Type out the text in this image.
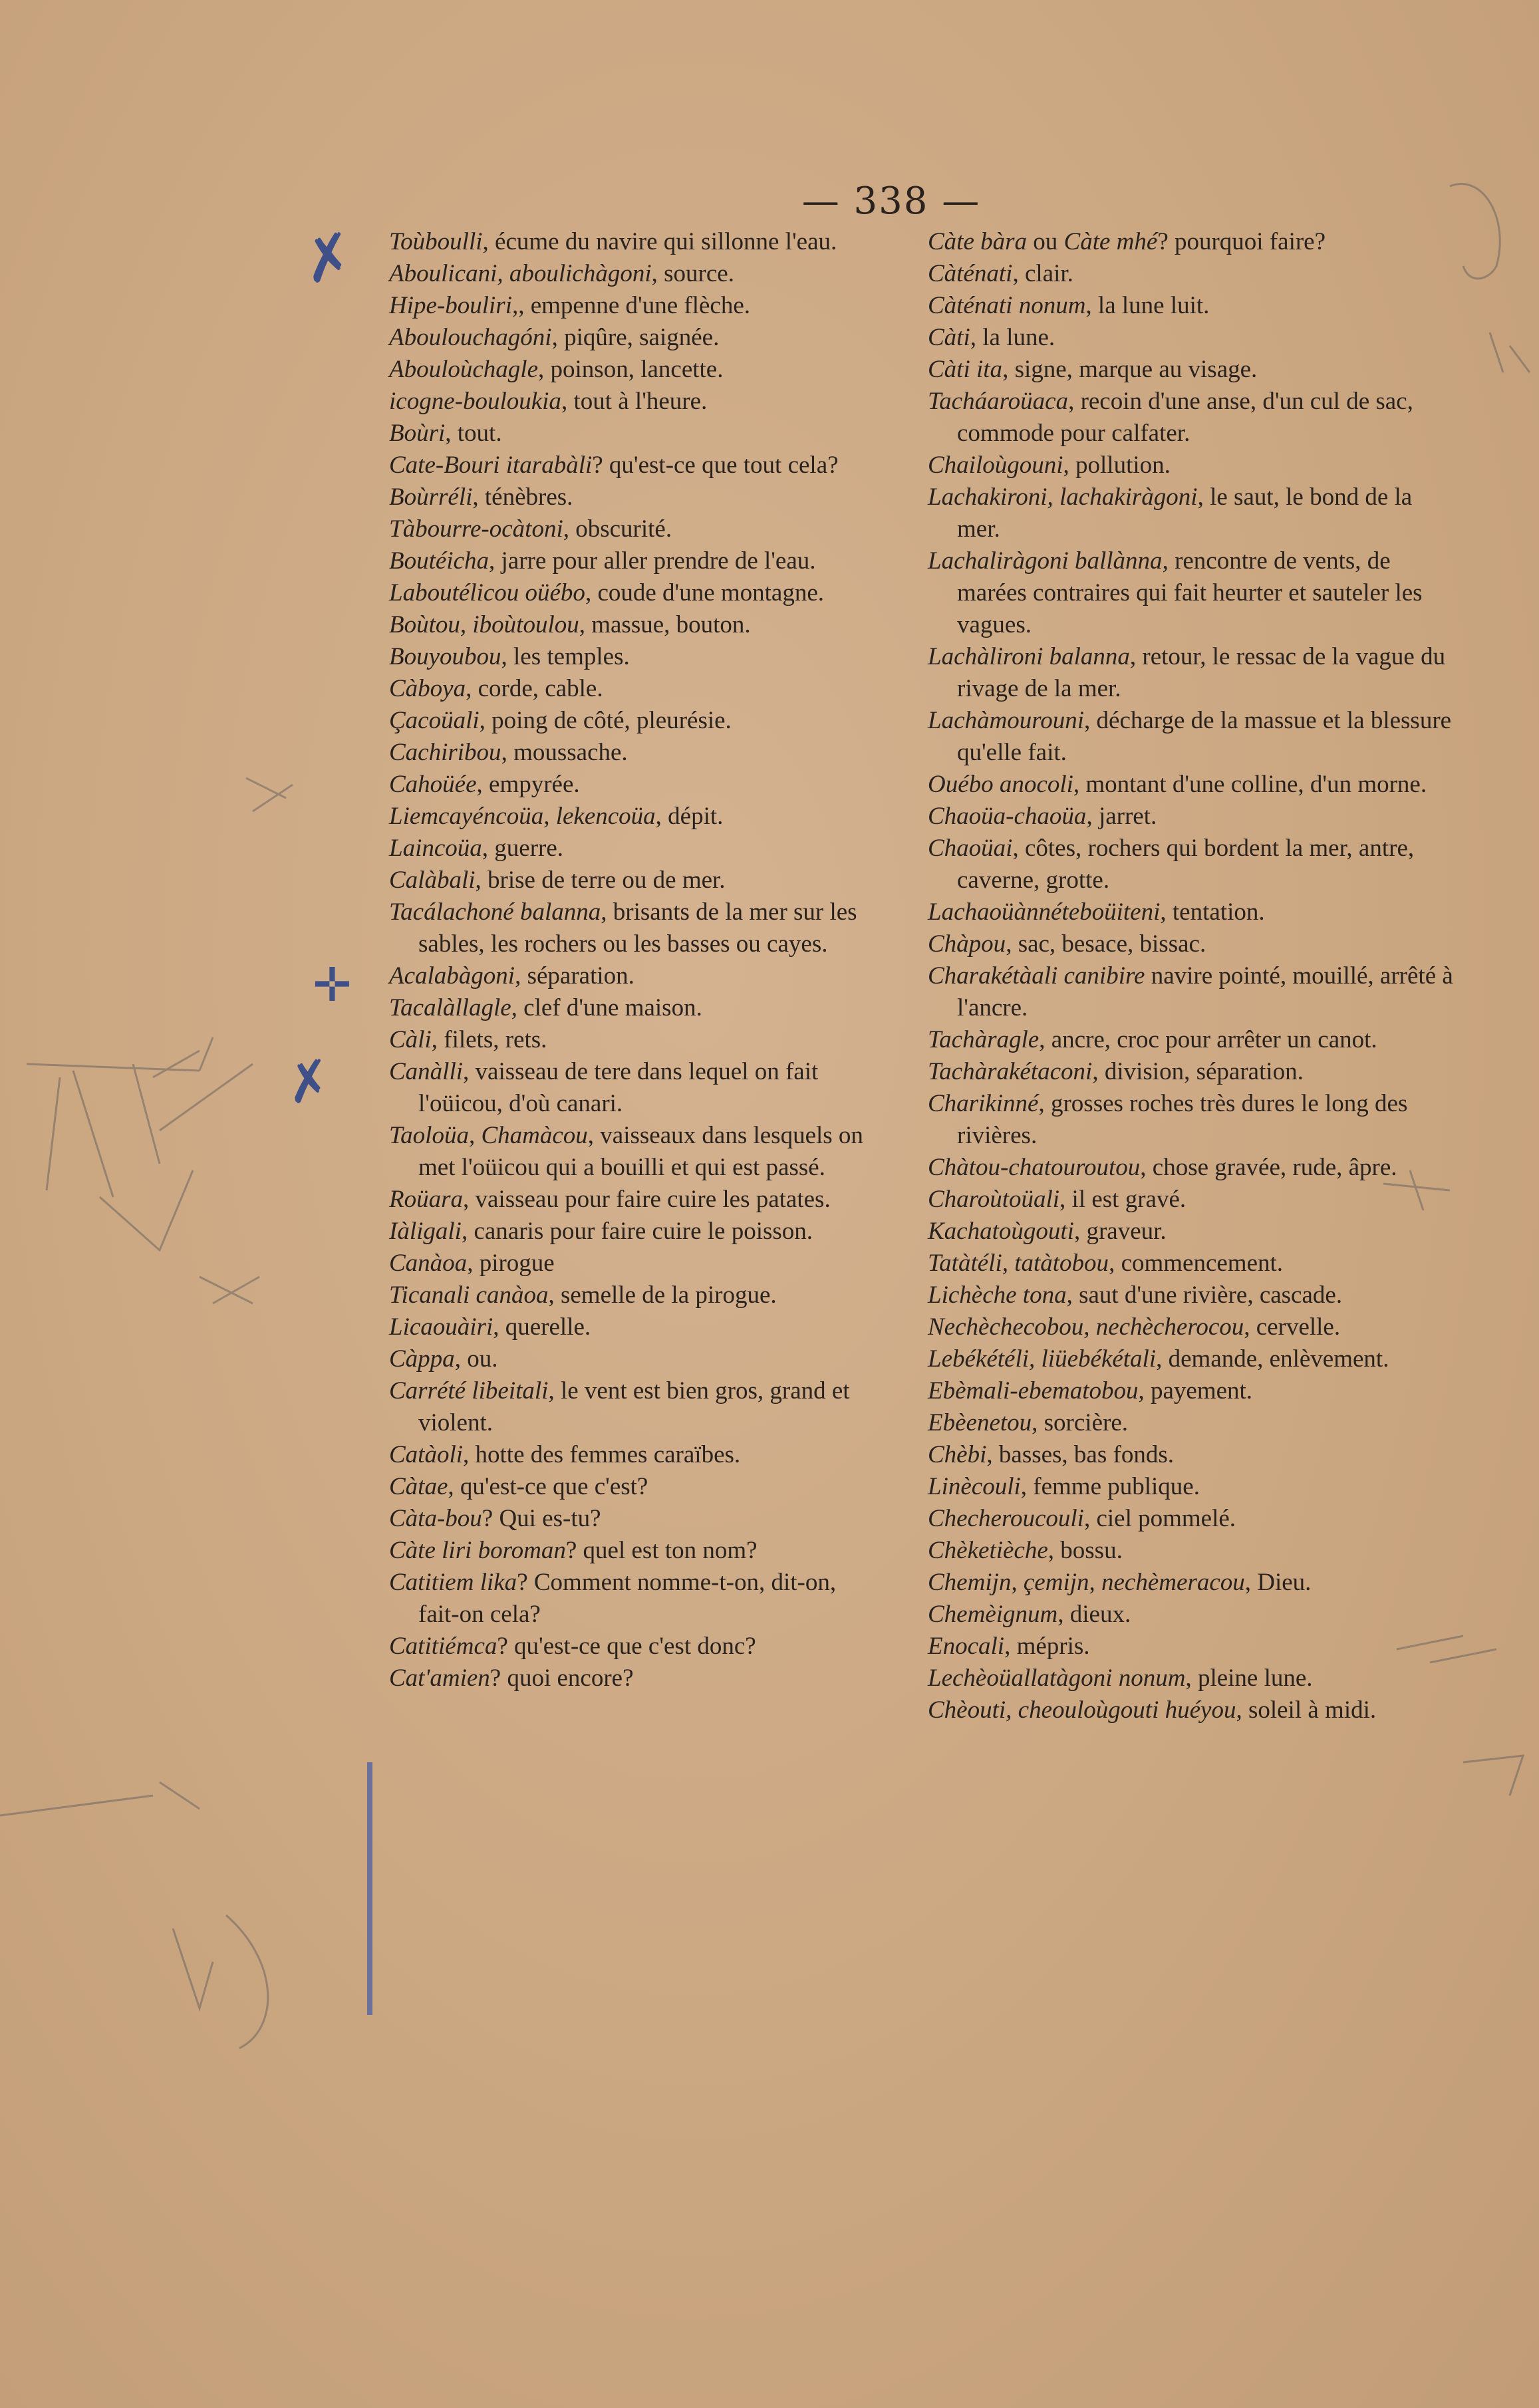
— 338 —
✗
✗
✛

Toùboulli, écume du navire qui sillonne l'eau.

Aboulicani, aboulichàgoni, source.

Hipe-bouliri,, empenne d'une flèche.

Aboulouchagóni, piqûre, saignée.

Abouloùchagle, poinson, lancette.

icogne-bouloukia, tout à l'heure.

Boùri, tout.

Cate-Bouri itarabàli? qu'est-ce que tout cela?

Boùrréli, ténèbres.

Tàbourre-ocàtoni, obscurité.

Boutéicha, jarre pour aller prendre de l'eau.

Laboutélicou oüébo, coude d'une montagne.

Boùtou, iboùtoulou, massue, bouton.

Bouyoubou, les temples.

Càboya, corde, cable.

Çacoüali, poing de côté, pleurésie.

Cachiribou, moussache.

Cahoüée, empyrée.

Liemcayéncoüa, lekencoüa, dépit.

Laincoüa, guerre.

Calàbali, brise de terre ou de mer.

Tacálachoné balanna, brisants de la mer sur les sables, les rochers ou les basses ou cayes.

Acalabàgoni, séparation.

Tacalàllagle, clef d'une maison.

Càli, filets, rets.

Canàlli, vaisseau de tere dans lequel on fait l'oüicou, d'où canari.

Taoloüa, Chamàcou, vaisseaux dans lesquels on met l'oüicou qui a bouilli et qui est passé.

Roüara, vaisseau pour faire cuire les patates.

Iàligali, canaris pour faire cuire le poisson.

Canàoa, pirogue

Ticanali canàoa, semelle de la pirogue.

Licaouàiri, querelle.

Càppa, ou.

Carrété libeitali, le vent est bien gros, grand et violent.

Catàoli, hotte des femmes caraïbes.

Càtae, qu'est-ce que c'est?

Càta-bou? Qui es-tu?

Càte liri boroman? quel est ton nom?

Catitiem lika? Comment nomme-t-on, dit-on, fait-on cela?

Catitiémca? qu'est-ce que c'est donc?

Cat'amien? quoi encore?

Càte bàra ou Càte mhé? pourquoi faire?

Càténati, clair.

Càténati nonum, la lune luit.

Càti, la lune.

Càti ita, signe, marque au visage.

Tacháaroüaca, recoin d'une anse, d'un cul de sac, commode pour calfater.

Chailoùgouni, pollution.

Lachakironi, lachakiràgoni, le saut, le bond de la mer.

Lachaliràgoni ballànna, rencontre de vents, de marées contraires qui fait heurter et sauteler les vagues.

Lachàlironi balanna, retour, le ressac de la vague du rivage de la mer.

Lachàmourouni, décharge de la massue et la blessure qu'elle fait.

Ouébo anocoli, montant d'une colline, d'un morne.

Chaoüa-chaoüa, jarret.

Chaoüai, côtes, rochers qui bordent la mer, antre, caverne, grotte.

Lachaoüànnéteboüiteni, tentation.

Chàpou, sac, besace, bissac.

Charakétàali canibire navire pointé, mouillé, arrêté à l'ancre.

Tachàragle, ancre, croc pour arrêter un canot.

Tachàrakétaconi, division, séparation.

Charikinné, grosses roches très dures le long des rivières.

Chàtou-chatouroutou, chose gravée, rude, âpre.

Charoùtoüali, il est gravé.

Kachatoùgouti, graveur.

Tatàtéli, tatàtobou, commencement.

Lichèche tona, saut d'une rivière, cascade.

Nechèchecobou, nechècherocou, cervelle.

Lebékétéli, liüebékétali, demande, enlèvement.

Ebèmali-ebematobou, payement.

Ebèenetou, sorcière.

Chèbi, basses, bas fonds.

Linècouli, femme publique.

Checheroucouli, ciel pommelé.

Chèketièche, bossu.

Chemijn, çemijn, nechèmeracou, Dieu.

Chemèignum, dieux.

Enocali, mépris.

Lechèoüallatàgoni nonum, pleine lune.

Chèouti, cheouloùgouti huéyou, soleil à midi.
